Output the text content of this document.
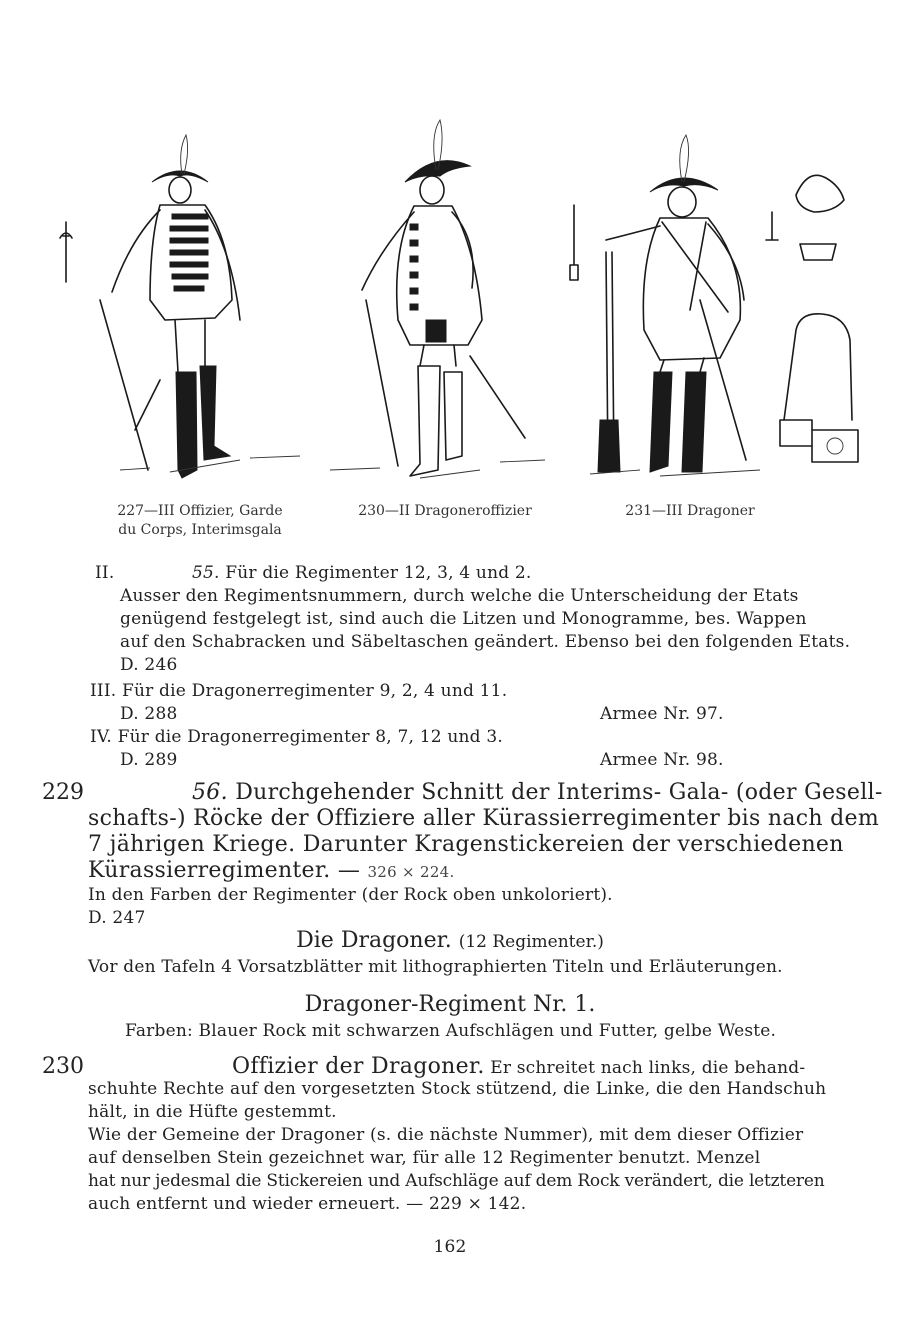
227—III Offizier, Garde
du Corps, Interimsgala
230—II Dragoneroffizier	231—III Dragoner
II.	55. Für die Regimenter 12, 3, 4 und 2.
Ausser den Regimentsnummern, durch welche die Unterscheidung der Etats
genügend festgelegt ist, sind auch die Litzen und Monogramme, bes. Wappen
auf den Schabracken und Säbeltaschen geändert. Ebenso bei den folgenden Etats.
D. 246
III. Für die Dragonerregimenter 9, 2, 4 und 11.
D. 288	Armee Nr. 97.
IV. Für die Dragonerregimenter 8, 7, 12 und 3.
D. 289	Armee Nr. 98.
229	56. Durchgehender Schnitt der Interims- Gala- (oder Gesell-
schafts-) Röcke der Offiziere aller Kürassierregimenter bis nach dem
7 jährigen Kriege. Darunter Kragenstickereien der verschiedenen
Kürassierregimenter. — 326 × 224.
In den Farben der Regimenter (der Rock oben unkoloriert).
D. 247
Die Dragoner. (12 Regimenter.)
Vor den Tafeln 4 Vorsatzblätter mit lithographierten Titeln und Erläuterungen.
Dragoner-Regiment Nr. 1.
Farben: Blauer Rock mit schwarzen Aufschlägen und Futter, gelbe Weste.
230	Offizier der Dragoner. Er schreitet nach links, die behand-
schuhte Rechte auf den vorgesetzten Stock stützend, die Linke, die den Handschuh
hält, in die Hüfte gestemmt.
Wie der Gemeine der Dragoner (s. die nächste Nummer), mit dem dieser Offizier
auf denselben Stein gezeichnet war, für alle 12 Regimenter benutzt. Menzel
hat nur jedesmal die Stickereien und Aufschläge auf dem Rock verändert, die letzteren
auch entfernt und wieder erneuert. — 229 × 142.
162
